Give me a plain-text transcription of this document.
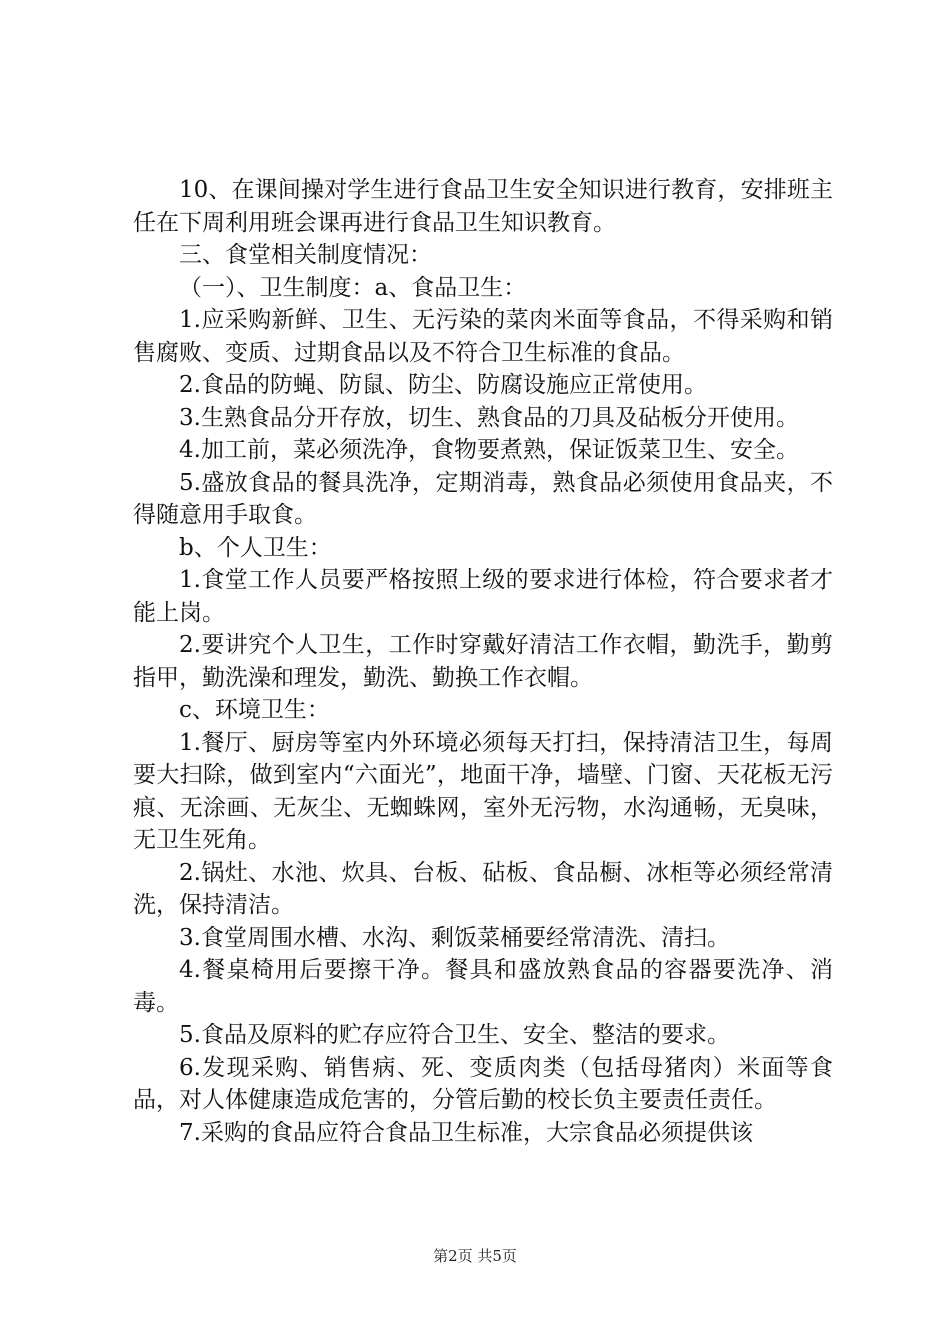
10、在课间操对学生进行食品卫生安全知识进行教育，安排班主任在下周利用班会课再进行食品卫生知识教育。

三、食堂相关制度情况：

（一）、卫生制度：a、食品卫生：

1.应采购新鲜、卫生、无污染的菜肉米面等食品，不得采购和销售腐败、变质、过期食品以及不符合卫生标准的食品。

2.食品的防蝇、防鼠、防尘、防腐设施应正常使用。

3.生熟食品分开存放，切生、熟食品的刀具及砧板分开使用。

4.加工前，菜必须洗净，食物要煮熟，保证饭菜卫生、安全。

5.盛放食品的餐具洗净，定期消毒，熟食品必须使用食品夹，不得随意用手取食。

b、个人卫生：

1.食堂工作人员要严格按照上级的要求进行体检，符合要求者才能上岗。

2.要讲究个人卫生，工作时穿戴好清洁工作衣帽，勤洗手，勤剪指甲，勤洗澡和理发，勤洗、勤换工作衣帽。

c、环境卫生：

1.餐厅、厨房等室内外环境必须每天打扫，保持清洁卫生，每周要大扫除，做到室内“六面光”，地面干净，墙壁、门窗、天花板无污痕、无涂画、无灰尘、无蜘蛛网，室外无污物，水沟通畅，无臭味，无卫生死角。

2.锅灶、水池、炊具、台板、砧板、食品橱、冰柜等必须经常清洗，保持清洁。

3.食堂周围水槽、水沟、剩饭菜桶要经常清洗、清扫。

4.餐桌椅用后要擦干净。餐具和盛放熟食品的容器要洗净、消毒。

5.食品及原料的贮存应符合卫生、安全、整洁的要求。

6.发现采购、销售病、死、变质肉类（包括母猪肉）米面等食品，对人体健康造成危害的，分管后勤的校长负主要责任责任。

7.采购的食品应符合食品卫生标准，大宗食品必须提供该

第2页 共5页
